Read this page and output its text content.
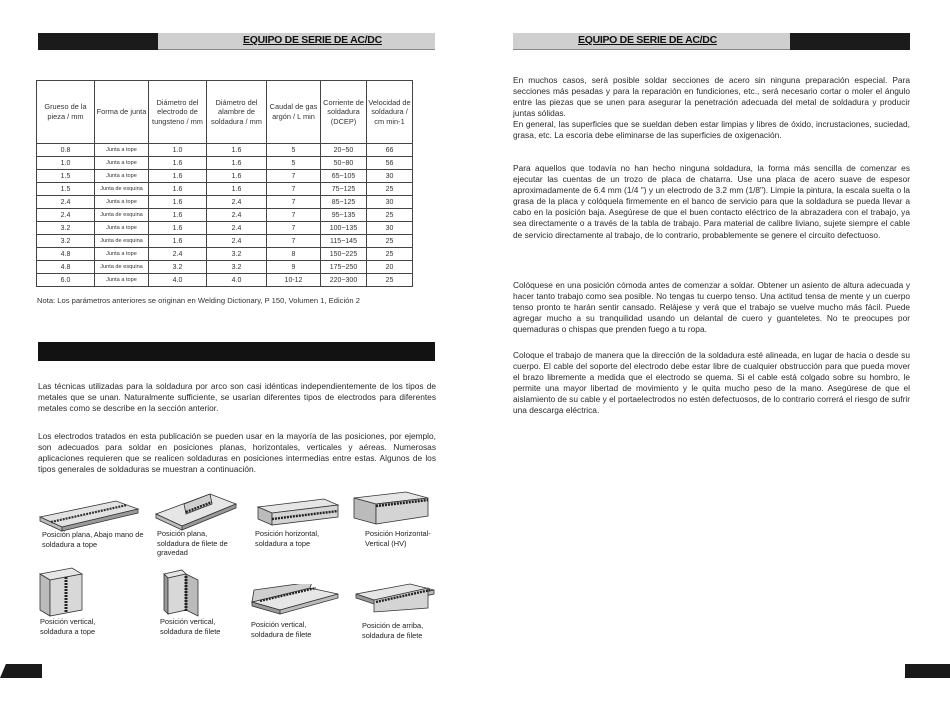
EQUIPO DE SERIE DE AC/DC	EQUIPO DE SERIE DE AC/DC
Grueso de la pieza / mm	Forma de junta	Diámetro del electrodo de tungsteno / mm	Diámetro del alambre de soldadura / mm	Caudal de gas argón / L min	Corriente de soldadura (DCEP)	Velocidad de soldadura / cm min-1
0.8	Junta a tope	1.0	1.6	5	20~50	66
1.0	Junta a tope	1.6	1.6	5	50~80	56
1.5	Junta a tope	1.6	1.6	7	65~105	30
1.5	Junta de esquina	1.6	1.6	7	75~125	25
2.4	Junta a tope	1.6	2.4	7	85~125	30
2.4	Junta de esquina	1.6	2.4	7	95~135	25
3.2	Junta a tope	1.6	2.4	7	100~135	30
3.2	Junta de esquina	1.6	2.4	7	115~145	25
4.8	Junta a tope	2.4	3.2	8	150~225	25
4.8	Junta de esquina	3.2	3.2	9	175~250	20
6.0	Junta a tope	4.0	4.0	10-12	220~300	25
Nota: Los parámetros anteriores se originan en Welding Dictionary, P 150, Volumen 1, Edición 2
Las técnicas utilizadas para la soldadura por arco son casi idénticas independientemente de los tipos de metales que se unan. Naturalmente sufficiente, se usarían diferentes tipos de electrodos para diferentes metales como se describe en la sección anterior.
Los electrodos tratados en esta publicación se pueden usar en la mayoría de las posiciones, por ejemplo, son adecuados para soldar en posiciones planas, horizontales, verticales y aéreas. Numerosas aplicaciones requieren que se realicen soldaduras en posiciones intermedias entre estas. Algunos de los tipos generales de soldaduras se muestran a continuación.
Posición plana, Abajo mano de soldadura a tope
Posición plana, soldadura de filete de gravedad
Posición horizontal, soldadura a tope
Posición Horizontal- Vertical (HV)
Posición vertical, soldadura a tope
Posición vertical, soldadura de filete
Posición vertical, soldadura de filete
Posición de arriba, soldadura de filete
En muchos casos, será posible soldar secciones de acero sin ninguna preparación especial. Para secciones más pesadas y para la reparación en fundiciones, etc., será necesario cortar o moler el ángulo entre las piezas que se unen para asegurar la penetración adecuada del metal de soldadura y producir juntas sólidas.
En general, las superficies que se sueldan deben estar limpias y libres de óxido, incrustaciones, suciedad, grasa, etc. La escoria debe eliminarse de las superficies de oxigenación.
Para aquellos que todavía no han hecho ninguna soldadura, la forma más sencilla de comenzar es ejecutar las cuentas de un trozo de placa de chatarra. Use una placa de acero suave de espesor aproximadamente de 6.4 mm (1/4 ") y un electrodo de 3.2 mm (1/8"). Limpie la pintura, la escala suelta o la grasa de la placa y colóquela firmemente en el banco de servicio para que la soldadura se pueda llevar a cabo en la posición baja. Asegúrese de que el buen contacto eléctrico de la abrazadera con el trabajo, ya sea directamente o a través de la tabla de trabajo. Para material de calibre liviano, sujete siempre el cable de servicio directamente al trabajo, de lo contrario, probablemente se genere el circuito defectuoso.
Colóquese en una posición cómoda antes de comenzar a soldar. Obtener un asiento de altura adecuada y hacer tanto trabajo como sea posible. No tengas tu cuerpo tenso. Una actitud tensa de mente y un cuerpo tenso pronto te harán sentir cansado. Relájese y verá que el trabajo se vuelve mucho más fácil. Puede agregar mucho a su tranquilidad usando un delantal de cuero y guanteletes. No te preocupes por quemaduras o chispas que prenden fuego a tu ropa.
Coloque el trabajo de manera que la dirección de la soldadura esté alineada, en lugar de hacia o desde su cuerpo. El cable del soporte del electrodo debe estar libre de cualquier obstrucción para que pueda mover el brazo libremente a medida que el electrodo se quema. Si el cable está colgado sobre su hombro, le permite una mayor libertad de movimiento y le quita mucho peso de la mano. Asegúrese de que el aislamiento de su cable y el portaelectrodos no estén defectuosos, de lo contrario correrá el riesgo de sufrir una descarga eléctrica.
